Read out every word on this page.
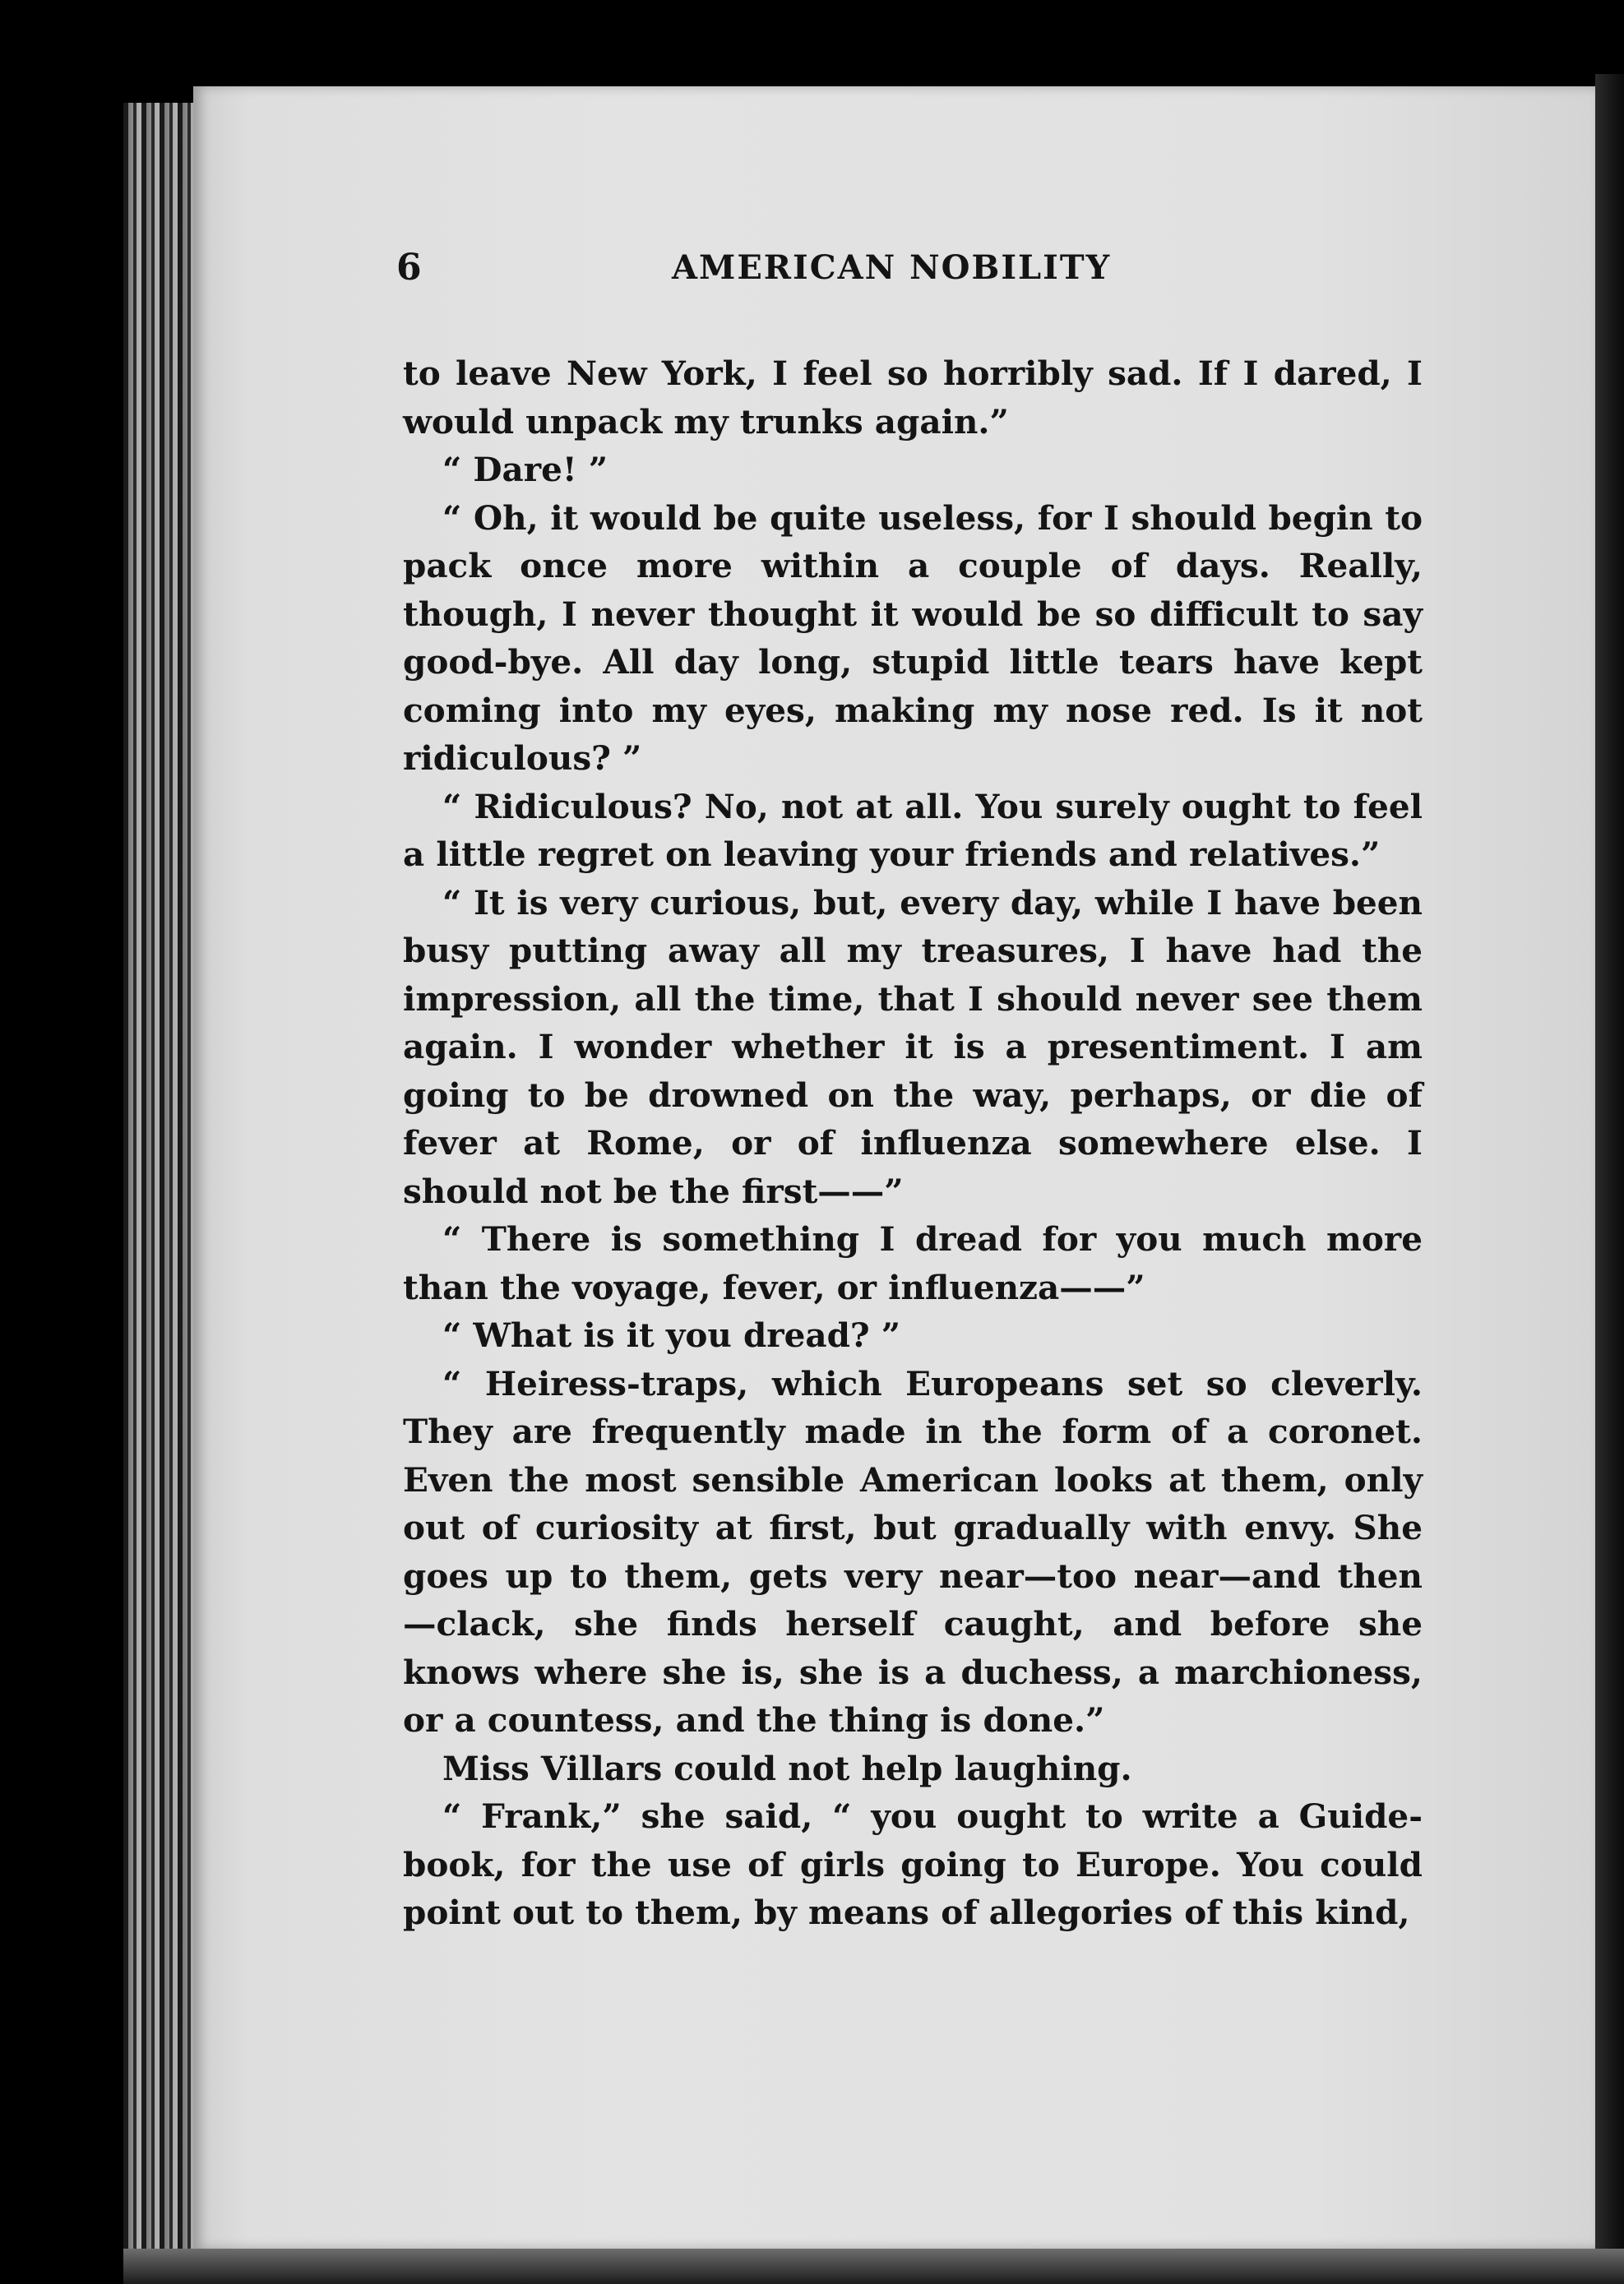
6	AMERICAN NOBILITY

to leave New York, I feel so horribly sad. If I dared, I would unpack my trunks again.”

“ Dare! ”

“ Oh, it would be quite useless, for I should begin to pack once more within a couple of days. Really, though, I never thought it would be so difficult to say good-bye. All day long, stupid little tears have kept coming into my eyes, making my nose red. Is it not ridiculous? ”

“ Ridiculous? No, not at all. You surely ought to feel a little regret on leaving your friends and relatives.”

“ It is very curious, but, every day, while I have been busy putting away all my treasures, I have had the impression, all the time, that I should never see them again. I wonder whether it is a presentiment. I am going to be drowned on the way, perhaps, or die of fever at Rome, or of influenza somewhere else. I should not be the first——”

“ There is something I dread for you much more than the voyage, fever, or influenza——”

“ What is it you dread? ”

“ Heiress-traps, which Europeans set so cleverly. They are frequently made in the form of a coronet. Even the most sensible American looks at them, only out of curiosity at first, but gradually with envy. She goes up to them, gets very near—too near—and then —clack, she finds herself caught, and before she knows where she is, she is a duchess, a marchioness, or a countess, and the thing is done.”

Miss Villars could not help laughing.

“ Frank,” she said, “ you ought to write a Guide-book, for the use of girls going to Europe. You could point out to them, by means of allegories of this kind,
